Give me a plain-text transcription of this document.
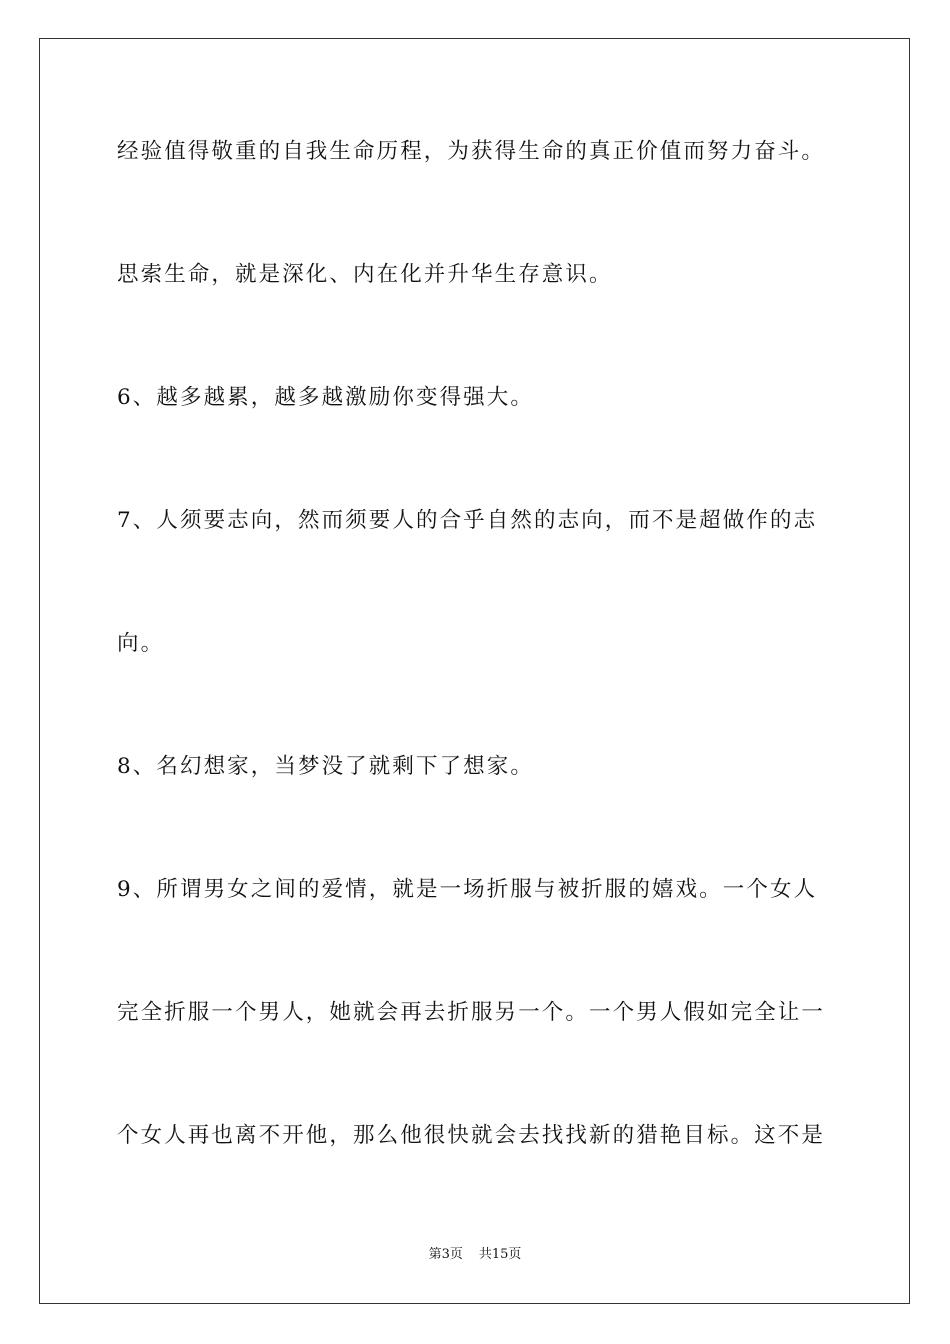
经验值得敬重的自我生命历程，为获得生命的真正价值而努力奋斗。
思索生命，就是深化、内在化并升华生存意识。
6、越多越累，越多越激励你变得强大。
7、人须要志向，然而须要人的合乎自然的志向，而不是超做作的志
向。
8、名幻想家，当梦没了就剩下了想家。
9、所谓男女之间的爱情，就是一场折服与被折服的嬉戏。一个女人
完全折服一个男人，她就会再去折服另一个。一个男人假如完全让一
个女人再也离不开他，那么他很快就会去找找新的猎艳目标。这不是
第3页 共15页
